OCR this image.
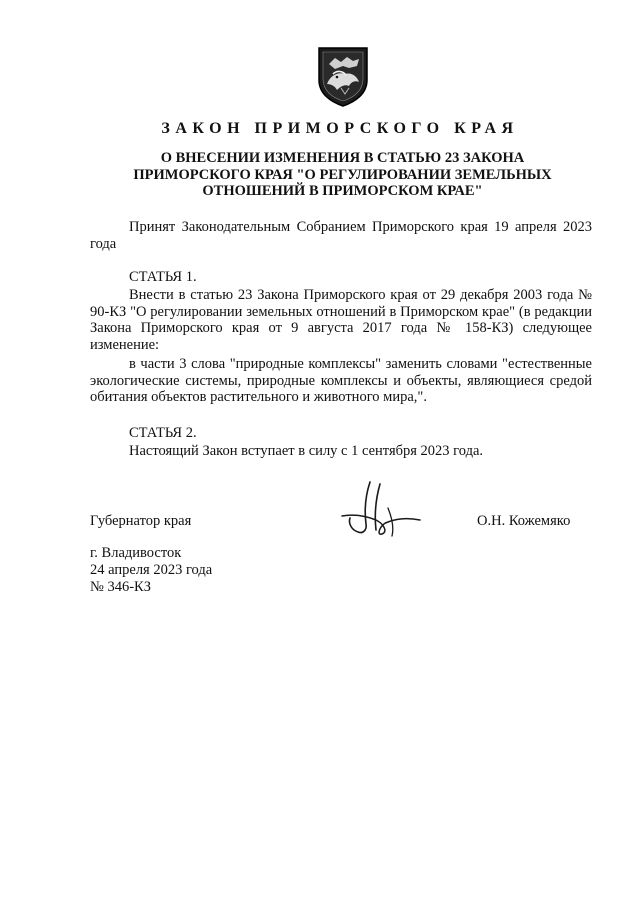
ЗАКОН ПРИМОРСКОГО КРАЯ
О ВНЕСЕНИИ ИЗМЕНЕНИЯ В СТАТЬЮ 23 ЗАКОНА
ПРИМОРСКОГО КРАЯ "О РЕГУЛИРОВАНИИ ЗЕМЕЛЬНЫХ
ОТНОШЕНИЙ В ПРИМОРСКОМ КРАЕ"
Принят Законодательным Собранием Приморского края 19 апреля 2023 года
СТАТЬЯ 1.
Внести в статью 23 Закона Приморского края от 29 декабря 2003 года № 90-КЗ "О регулировании земельных отношений в Приморском крае" (в редакции Закона Приморского края от 9 августа 2017 года № 158-КЗ) следующее изменение:
в части 3 слова "природные комплексы" заменить словами "естественные экологические системы, природные комплексы и объекты, являющиеся средой обитания объектов растительного и животного мира,".
СТАТЬЯ 2.
Настоящий Закон вступает в силу с 1 сентября 2023 года.
Губернатор края	О.Н. Кожемяко
г. Владивосток
24 апреля 2023 года
№ 346-КЗ
